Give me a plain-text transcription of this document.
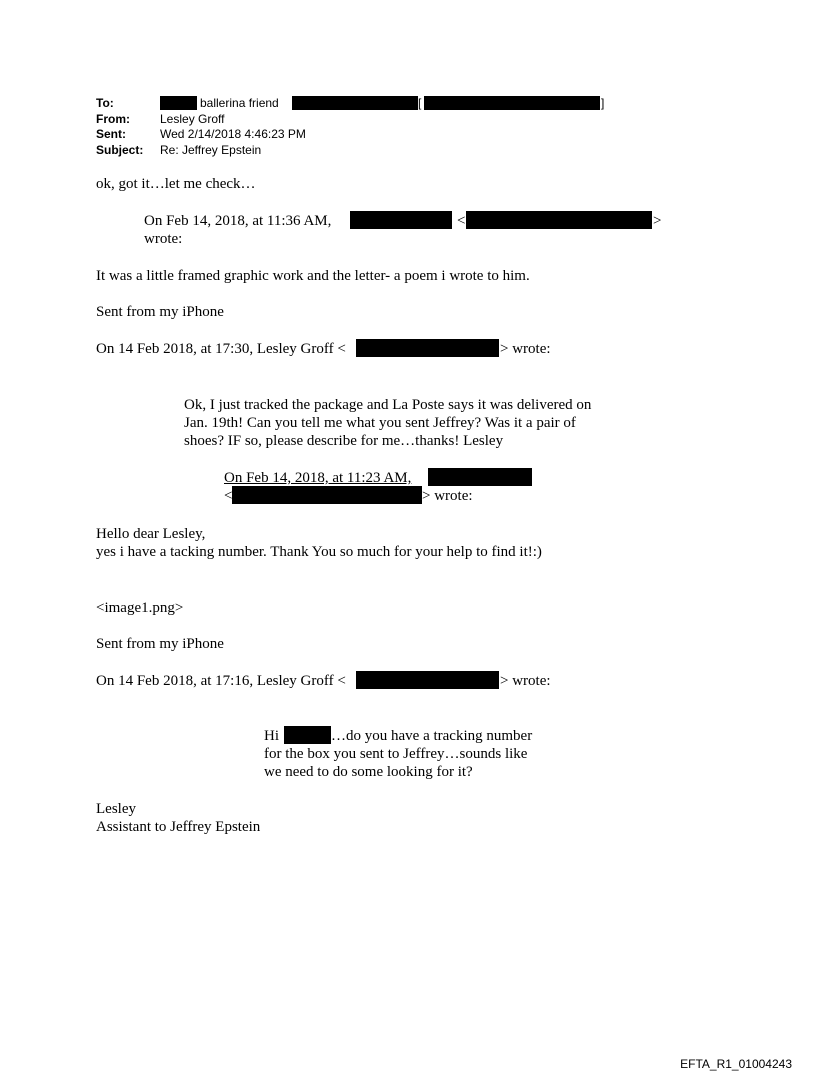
To:	ballerina friend	[	]
From:	Lesley Groff
Sent:	Wed 2/14/2018 4:46:23 PM
Subject: Re: Jeffrey Epstein
ok, got it…let me check…
On Feb 14, 2018, at 11:36 AM,	<	>
wrote:
It was a little framed graphic work and the letter- a poem i wrote to him.
Sent from my iPhone
On 14 Feb 2018, at 17:30, Lesley Groff <	> wrote:
Ok, I just tracked the package and La Poste says it was delivered on
Jan. 19th! Can you tell me what you sent Jeffrey? Was it a pair of
shoes? IF so, please describe for me…thanks! Lesley
On Feb 14, 2018, at 11:23 AM,
<	> wrote:
Hello dear Lesley,
yes i have a tacking number. Thank You so much for your help to find it!:)
<image1.png>
Sent from my iPhone
On 14 Feb 2018, at 17:16, Lesley Groff <	> wrote:
Hi	…do you have a tracking number
for the box you sent to Jeffrey…sounds like
we need to do some looking for it?
Lesley
Assistant to Jeffrey Epstein
EFTA_R1_01004243
